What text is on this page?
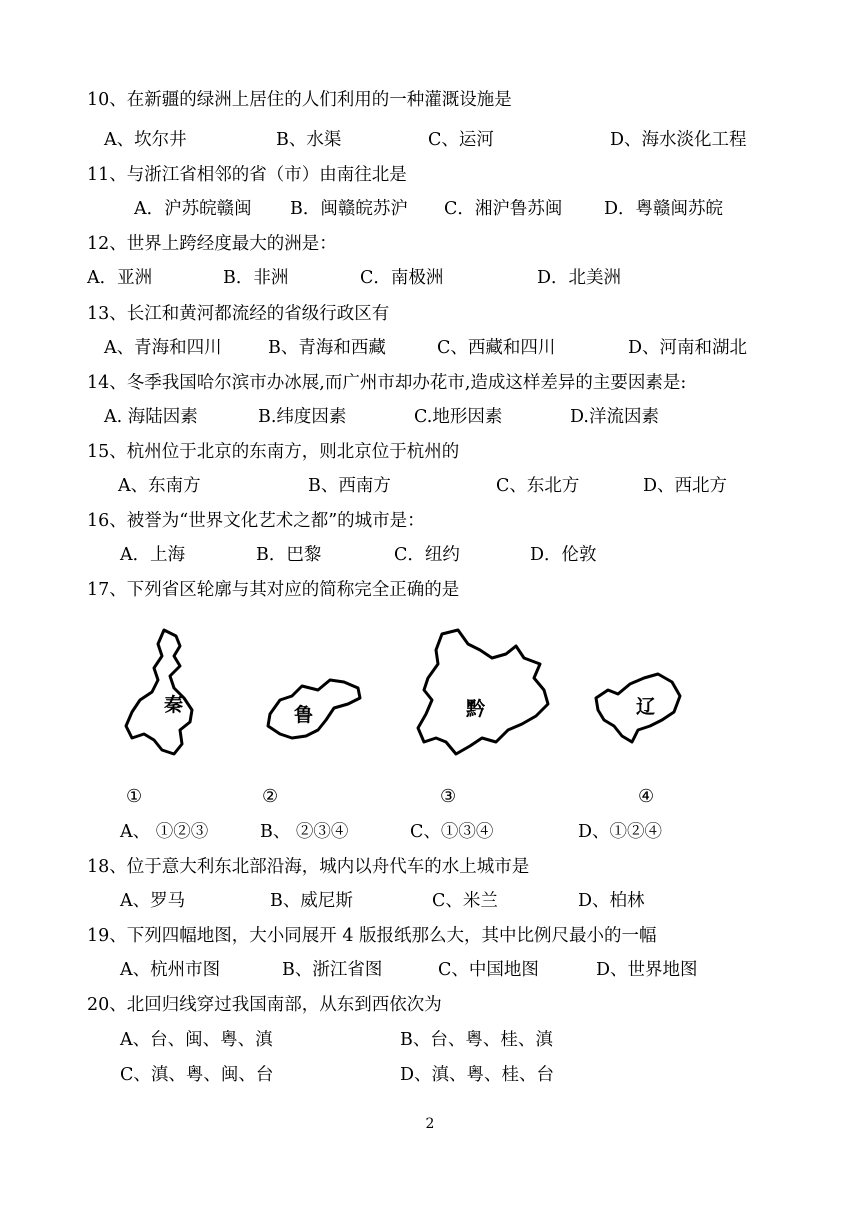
10、在新疆的绿洲上居住的人们利用的一种灌溉设施是
A、坎尔井	B、水渠	C、运河	D、海水淡化工程
11、与浙江省相邻的省（市）由南往北是
A．沪苏皖赣闽 B．闽赣皖苏沪 C．湘沪鲁苏闽 D．粤赣闽苏皖
12、世界上跨经度最大的洲是：
A．亚洲	B．非洲	C．南极洲	D．北美洲
13、长江和黄河都流经的省级行政区有
A、青海和四川	B、青海和西藏	C、西藏和四川	D、河南和湖北
14、冬季我国哈尔滨市办冰展,而广州市却办花市,造成这样差异的主要因素是:
A. 海陆因素	B.纬度因素	C.地形因素	D.洋流因素
15、杭州位于北京的东南方，则北京位于杭州的
A、东南方	B、西南方	C、东北方	D、西北方
16、被誉为“世界文化艺术之都”的城市是：
A．上海	B．巴黎	C．纽约	D．伦敦
17、下列省区轮廓与其对应的简称完全正确的是
秦	鲁	黔	辽
①	②	③	④
A、 ①②③	B、 ②③④	C、①③④	D、①②④
18、位于意大利东北部沿海，城内以舟代车的水上城市是
A、罗马	B、威尼斯	C、米兰	D、柏林
19、下列四幅地图，大小同展开 4 版报纸那么大，其中比例尺最小的一幅
A、杭州市图	B、浙江省图	C、中国地图	D、世界地图
20、北回归线穿过我国南部，从东到西依次为
A、台、闽、粤、滇	B、台、粤、桂、滇
C、滇、粤、闽、台	D、滇、粤、桂、台
2
